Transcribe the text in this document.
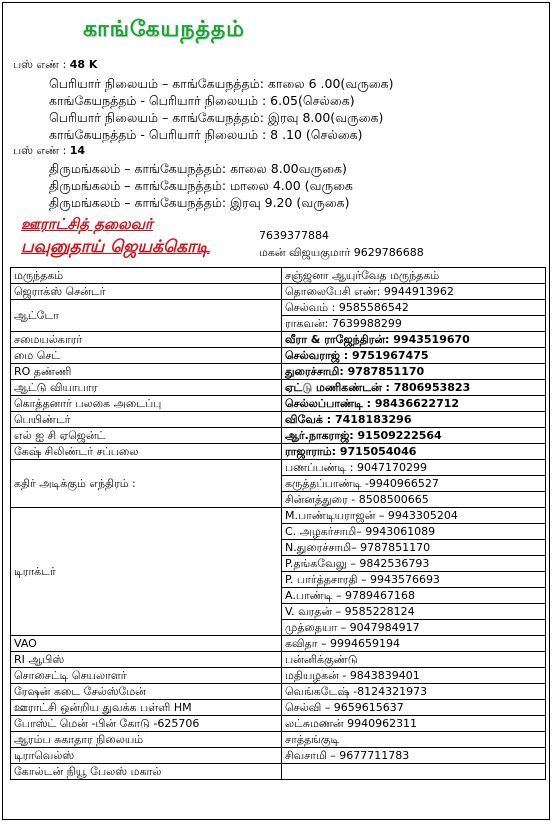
காங்கேயநத்தம்
பஸ் எண் : 48 K
பெரியார் நிலையம் – காங்கேயநத்தம்: காலை 6 .00(வருகை)
காங்கேயநத்தம் - பெரியார் நிலையம் : 6.05(செல்கை)
பெரியார் நிலையம் – காங்கேயநத்தம்: இரவு 8.00(வருகை)
காங்கேயநத்தம் - பெரியார் நிலையம் : 8 .10 (செல்கை)
பஸ் எண் : 14
திருமங்கலம் – காங்கேயநத்தம்: காலை 8.00வருகை)
திருமங்கலம் – காங்கேயநத்தம்: மாலை 4.00 (வருகை
திருமங்கலம் – காங்கேயநத்தம்: இரவு 9.20 (வருகை)
ஊராட்சித் தலைவர்
பவுனுதாய் ஜெயக்கொடி
7639377884
மகன் விஜயகுமார் 9629786688
மருந்தகம்	சஞ்ஜனா ஆயுர்வேத மருந்தகம்
ஜெராக்ஸ் சென்டர்	தொலைபேசி எண்: 9944913962
ஆட்டோ	செல்வம் : 9585586542
	ராகவன்: 7639988299
சமையல்காரர்	வீரா & ராஜேந்திரன்: 9943519670
மை செட்	செல்வராஜ் : 9751967475
RO தண்ணி	துரைச்சாமி: 9787851170
ஆட்டு வியாபார	ஏட்டு மணிகண்டன் : 7806953823
கொத்தனார் பலகை அடைப்பு	செல்லப்பாண்டி : 98436622712
பெயிண்டர்	விவேக் : 7418183296
எல் ஐ சி ஏஜென்ட்	ஆர்.நாகராஜ்: 91509222564
கேஷ் சிலிண்டர் சப்பலை	ராஜாராம்: 9715054046
கதிர் அடிக்கும் எந்திரம் :	பணப்பண்டி : 9047170299
	கருத்தப்பாண்டி -9940966527
	சின்னத்துரை - 8508500665
டிராக்டர்	M.பாண்டியராஜன் – 9943305204
	C. அழகர்சாமி– 9943061089
	N.துரைச்சாமி– 9787851170
	P.தங்கவேலு – 9842536793
	P. பார்த்தசாரதி – 9943576693
	A.பாண்டி – 9789467168
	V. வரதன் – 9585228124
	முத்தையா – 9047984917
VAO	கவிதா – 9994659194
RI ஆபிஸ்	பன்னிக்குண்டு
சொசைட்டி செயலாளர்	மதியழகன் - 9843839401
ரேஷன் கடை சேல்ஸ்மேன்	வெங்கடேஷ் -8124321973
ஊராட்சி ஒன்றிய துவக்க பள்ளி HM	செல்வி – 9659615637
போஸ்ட் மென் -பின் கோடு -625706	லட்சுமணன் 9940962311
ஆரம்ப சுகாதார நிலையம்	சாத்தங்குடி
டிராவெல்ஸ்	சிவசாமி – 9677711783
கோல்டன் நியூ பேலஸ் மகால்	
